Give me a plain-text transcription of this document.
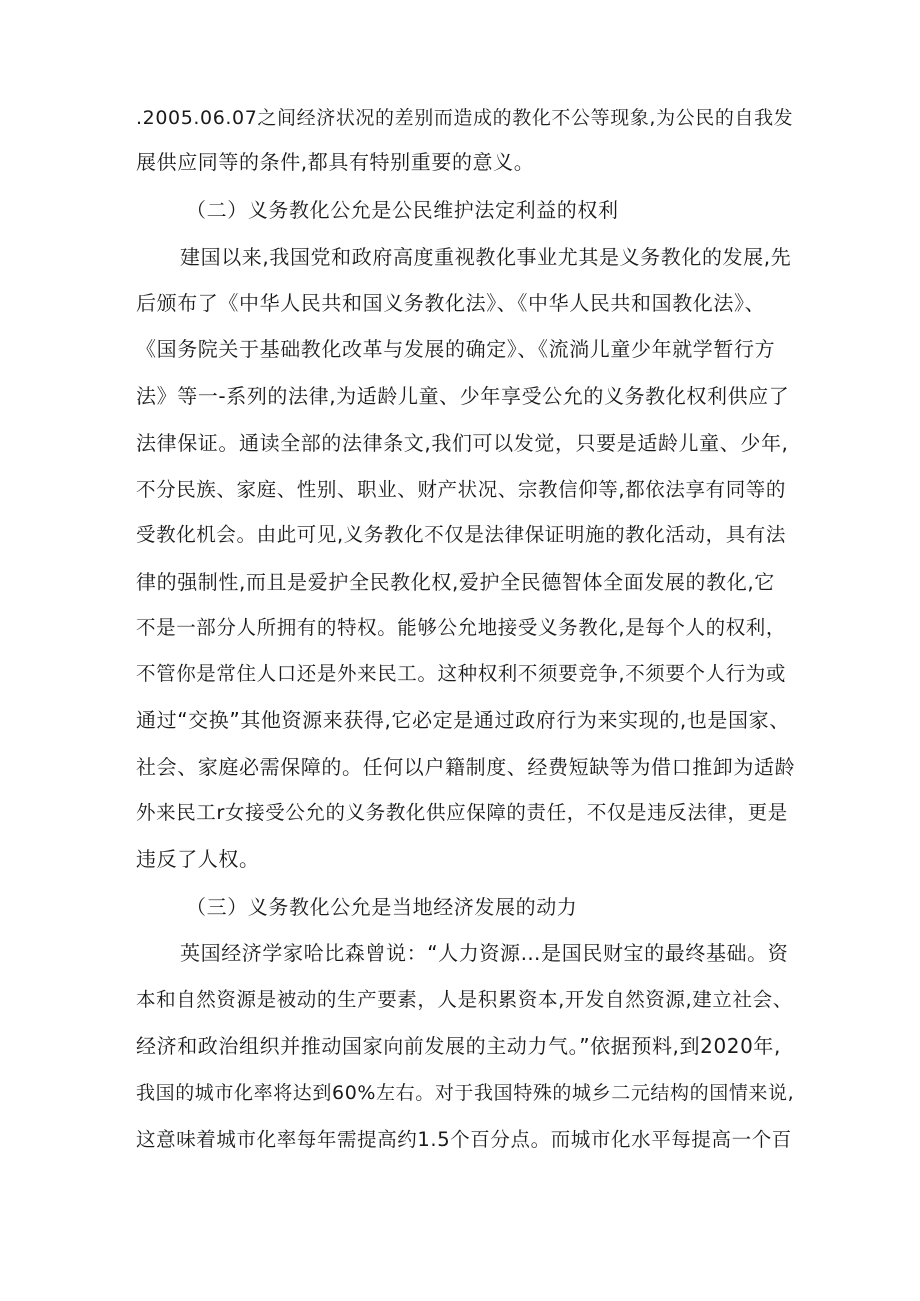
.2005.06.07之间经济状况的差别而造成的教化不公等现象,为公民的自我发
展供应同等的条件,都具有特别重要的意义。
（二）义务教化公允是公民维护法定利益的权利
建国以来,我国党和政府高度重视教化事业尤其是义务教化的发展,先
后颁布了《中华人民共和国义务教化法》、《中华人民共和国教化法》、
《国务院关于基础教化改革与发展的确定》、《流淌儿童少年就学暂行方
法》等一-系列的法律,为适龄儿童、少年享受公允的义务教化权利供应了
法律保证。通读全部的法律条文,我们可以发觉，只要是适龄儿童、少年,
不分民族、家庭、性别、职业、财产状况、宗教信仰等,都依法享有同等的
受教化机会。由此可见,义务教化不仅是法律保证明施的教化活动，具有法
律的强制性,而且是爱护全民教化权,爱护全民德智体全面发展的教化,它
不是一部分人所拥有的特权。能够公允地接受义务教化,是每个人的权利，
不管你是常住人口还是外来民工。这种权利不须要竞争,不须要个人行为或
通过“交换”其他资源来获得,它必定是通过政府行为来实现的,也是国家、
社会、家庭必需保障的。任何以户籍制度、经费短缺等为借口推卸为适龄
外来民工r女接受公允的义务教化供应保障的责任，不仅是违反法律，更是
违反了人权。
（三）义务教化公允是当地经济发展的动力
英国经济学家哈比森曾说：“人力资源…是国民财宝的最终基础。资
本和自然资源是被动的生产要素，人是积累资本,开发自然资源,建立社会、
经济和政治组织并推动国家向前发展的主动力气。”依据预料,到2020年,
我国的城市化率将达到60%左右。对于我国特殊的城乡二元结构的国情来说,
这意味着城市化率每年需提高约1.5个百分点。而城市化水平每提高一个百
